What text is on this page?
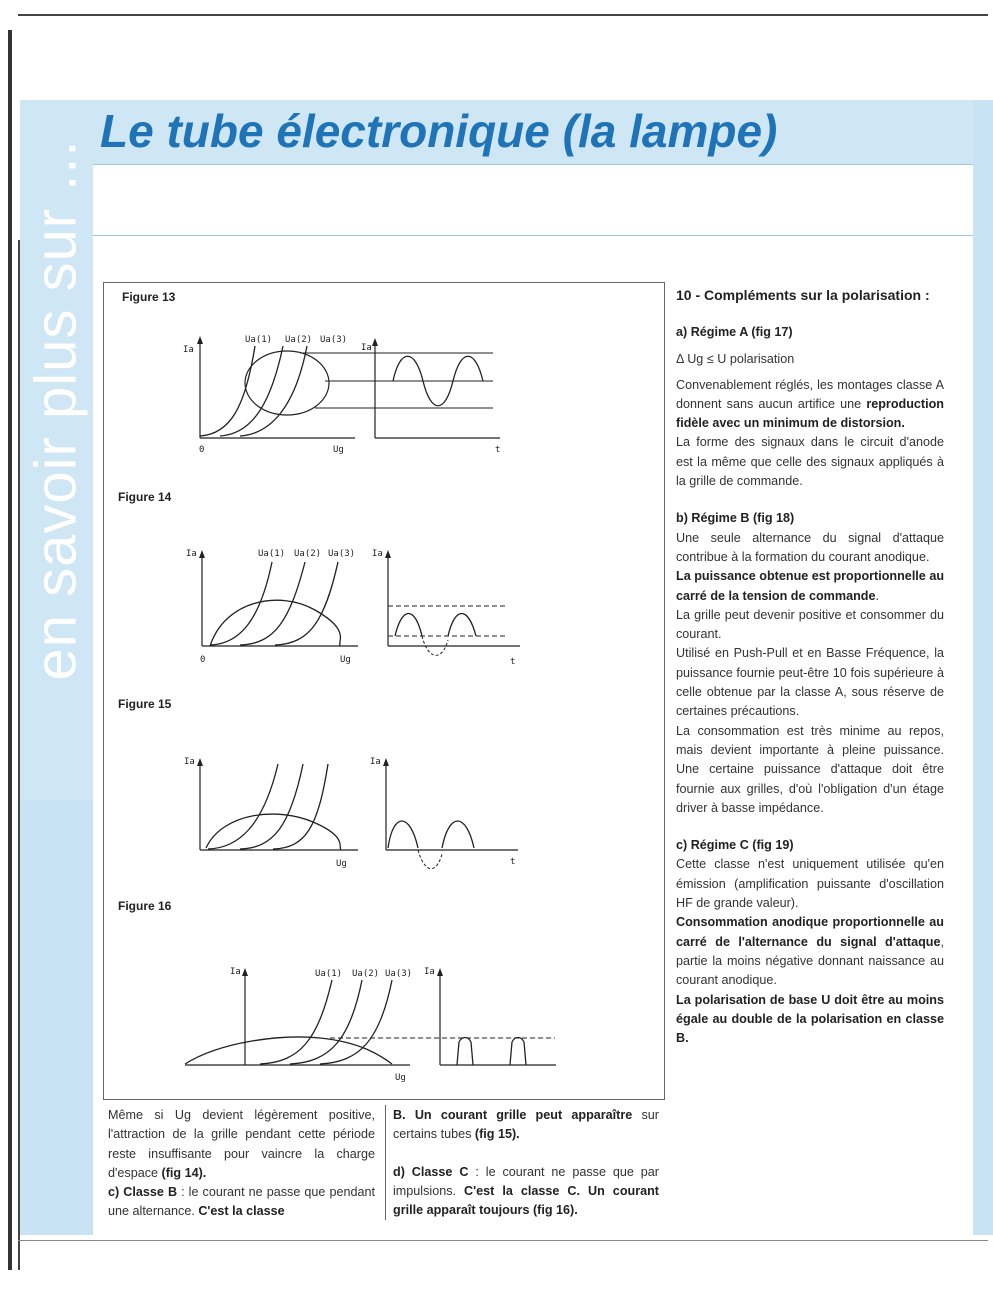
en savoir plus sur ...
Le tube électronique (la lampe)
Figure 13
Ia
Ua(1) Ua(2) Ua(3)
0	Ug
Ia
t
Figure 14
Ia	Ua(1) Ua(2) Ua(3)
0	Ug
Ia
t
Figure 15
Ia
Ug
Ia
t
Figure 16
Ia	Ua(1) Ua(2) Ua(3)
Ug
Ia

Même si Ug devient légèrement positive, l'attraction de la grille pendant cette période reste insuffisante pour vaincre la charge d'espace (fig 14).

c) Classe B : le courant ne passe que pendant une alternance. C'est la classe

B. Un courant grille peut apparaître sur certains tubes (fig 15).

d) Classe C : le courant ne passe que par impulsions. C'est la classe C. Un courant grille apparaît toujours (fig 16).

10 - Compléments sur la polarisation :

a) Régime A (fig 17)

Δ Ug ≤ U polarisation

Convenablement réglés, les montages classe A donnent sans aucun artifice une reproduction fidèle avec un minimum de distorsion.

La forme des signaux dans le circuit d'anode est la même que celle des signaux appliqués à la grille de commande.

b) Régime B (fig 18)

Une seule alternance du signal d'attaque contribue à la formation du courant anodique.

La puissance obtenue est proportionnelle au carré de la tension de commande.

La grille peut devenir positive et consommer du courant.

Utilisé en Push-Pull et en Basse Fréquence, la puissance fournie peut-être 10 fois supérieure à celle obtenue par la classe A, sous réserve de certaines précautions.

La consommation est très minime au repos, mais devient importante à pleine puissance. Une certaine puissance d'attaque doit être fournie aux grilles, d'où l'obligation d'un étage driver à basse impédance.

c) Régime C (fig 19)

Cette classe n'est uniquement utilisée qu'en émission (amplification puissante d'oscillation HF de grande valeur).

Consommation anodique proportionnelle au carré de l'alternance du signal d'attaque, partie la moins négative donnant naissance au courant anodique.

La polarisation de base U doit être au moins égale au double de la polarisation en classe B.
